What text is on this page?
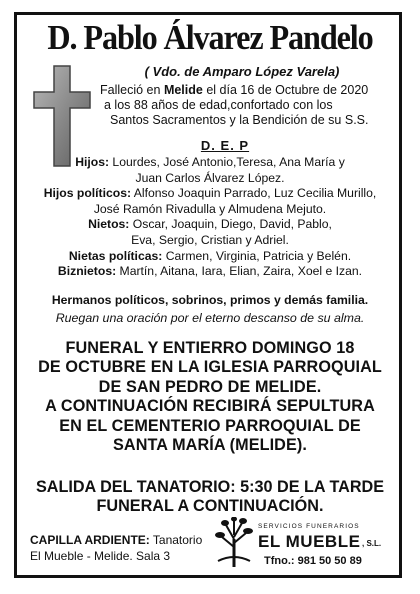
D. Pablo Álvarez Pandelo
( Vdo. de Amparo López Varela)

Falleció en Melide el día 16 de Octubre de 2020

a los 88 años de edad,confortado con los

Santos Sacramentos y la Bendición de su S.S.

D. E. P

Hijos: Lourdes, José Antonio,Teresa, Ana María y

Juan Carlos Álvarez López.

Hijos políticos: Alfonso Joaquin Parrado, Luz Cecilia Murillo,

José Ramón Rivadulla y Almudena Mejuto.

Nietos: Oscar, Joaquin, Diego, David, Pablo,

Eva, Sergio, Cristian y Adriel.

Nietas políticas: Carmen, Virginia, Patricia y Belén.

Biznietos: Martín, Aitana, Iara, Elian, Zaira, Xoel e Izan.

Hermanos políticos, sobrinos, primos y demás familia.
Ruegan una oración por el eterno descanso de su alma.

FUNERAL Y ENTIERRO DOMINGO 18

DE OCTUBRE EN LA IGLESIA PARROQUIAL

DE SAN PEDRO DE MELIDE.

A CONTINUACIÓN RECIBIRÁ SEPULTURA

EN EL CEMENTERIO PARROQUIAL DE

SANTA MARÍA (MELIDE).

SALIDA DEL TANATORIO: 5:30 DE LA TARDE

FUNERAL A CONTINUACIÓN.

CAPILLA ARDIENTE: Tanatorio

El Mueble - Melide. Sala 3

SERVICIOS FUNERARIOS
EL MUEBLE , S.L.
Tfno.: 981 50 50 89
